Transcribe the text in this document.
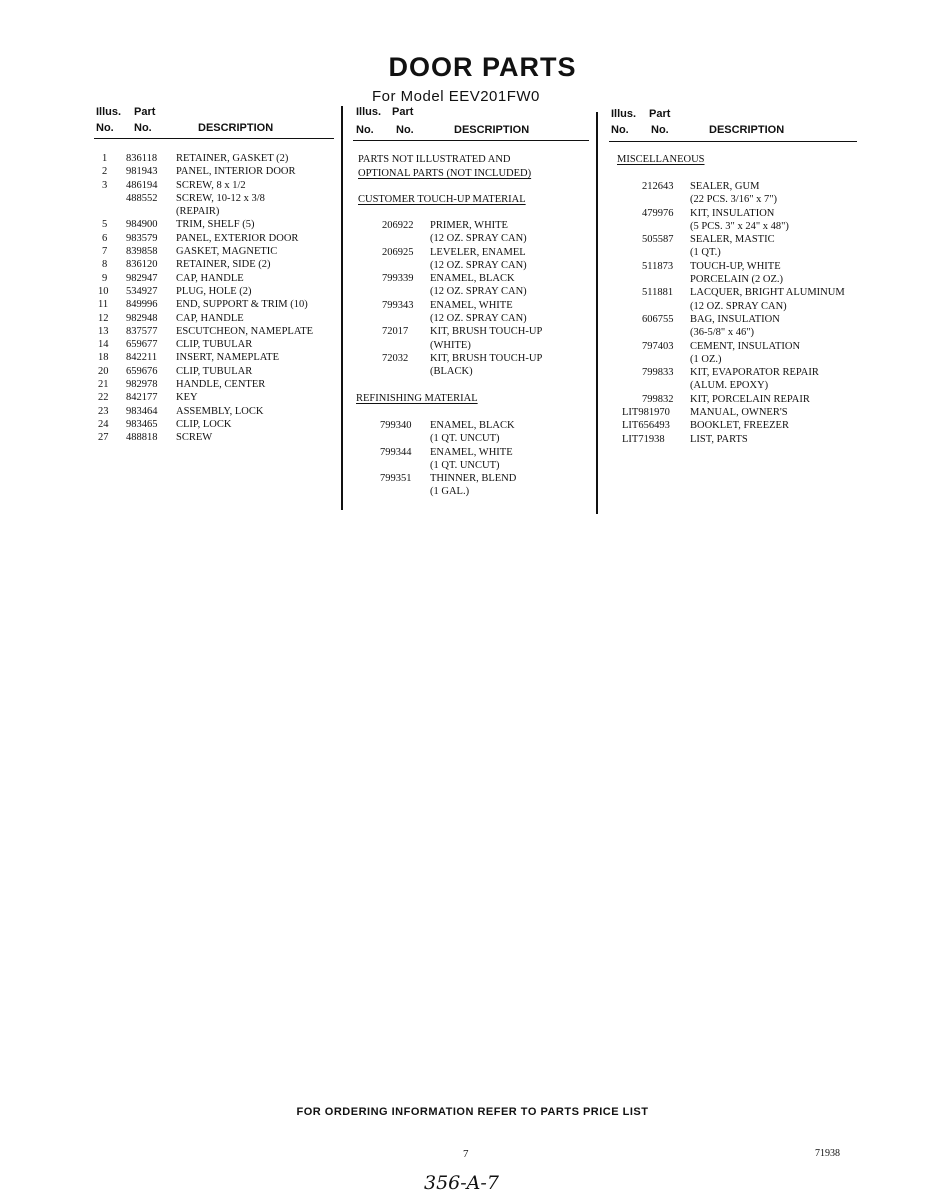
DOOR PARTS
For Model EEV201FW0
Illus. Part
No. No.	DESCRIPTION
Illus. Part
No. No.	DESCRIPTION
Illus. Part
No. No.	DESCRIPTION
1 836118 RETAINER, GASKET (2)
2 981943 PANEL, INTERIOR DOOR
3 486194 SCREW, 8 x 1/2
488552 SCREW, 10-12 x 3/8
(REPAIR)
5 984900 TRIM, SHELF (5)
6 983579 PANEL, EXTERIOR DOOR
7 839858 GASKET, MAGNETIC
8 836120 RETAINER, SIDE (2)
9 982947 CAP, HANDLE
10 534927 PLUG, HOLE (2)
11 849996 END, SUPPORT & TRIM (10)
12 982948 CAP, HANDLE
13 837577 ESCUTCHEON, NAMEPLATE
14 659677 CLIP, TUBULAR
18 842211 INSERT, NAMEPLATE
20 659676 CLIP, TUBULAR
21 982978 HANDLE, CENTER
22 842177 KEY
23 983464 ASSEMBLY, LOCK
24 983465 CLIP, LOCK
27 488818 SCREW
PARTS NOT ILLUSTRATED AND
OPTIONAL PARTS (NOT INCLUDED)
CUSTOMER TOUCH-UP MATERIAL
206922 PRIMER, WHITE
(12 OZ. SPRAY CAN)
206925 LEVELER, ENAMEL
(12 OZ. SPRAY CAN)
799339 ENAMEL, BLACK
(12 OZ. SPRAY CAN)
799343 ENAMEL, WHITE
(12 OZ. SPRAY CAN)
72017 KIT, BRUSH TOUCH-UP
(WHITE)
72032 KIT, BRUSH TOUCH-UP
(BLACK)
REFINISHING MATERIAL
799340 ENAMEL, BLACK
(1 QT. UNCUT)
799344 ENAMEL, WHITE
(1 QT. UNCUT)
799351 THINNER, BLEND
(1 GAL.)
MISCELLANEOUS
212643 SEALER, GUM
(22 PCS. 3/16" x 7")
479976 KIT, INSULATION
(5 PCS. 3" x 24" x 48")
505587 SEALER, MASTIC
(1 QT.)
511873 TOUCH-UP, WHITE
PORCELAIN (2 OZ.)
511881 LACQUER, BRIGHT ALUMINUM
(12 OZ. SPRAY CAN)
606755 BAG, INSULATION
(36-5/8" x 46")
797403 CEMENT, INSULATION
(1 OZ.)
799833 KIT, EVAPORATOR REPAIR
(ALUM. EPOXY)
799832 KIT, PORCELAIN REPAIR
LIT981970 MANUAL, OWNER'S
LIT656493 BOOKLET, FREEZER
LIT71938 LIST, PARTS
FOR ORDERING INFORMATION REFER TO PARTS PRICE LIST
7	71938
356-A-7
